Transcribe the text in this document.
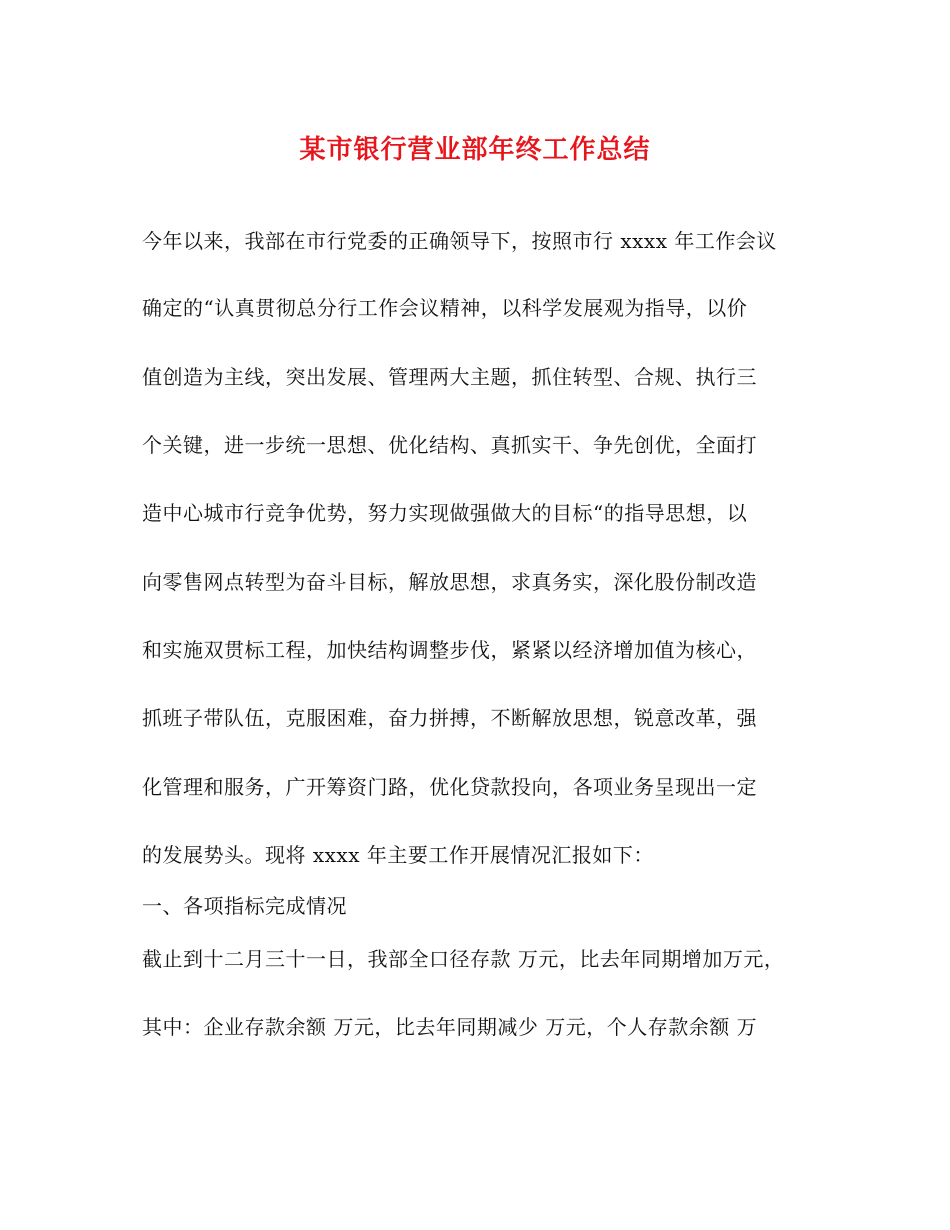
某市银行营业部年终工作总结
今年以来，我部在市行党委的正确领导下，按照市行 xxxx 年工作会议
确定的“认真贯彻总分行工作会议精神，以科学发展观为指导，以价
值创造为主线，突出发展、管理两大主题，抓住转型、合规、执行三
个关键，进一步统一思想、优化结构、真抓实干、争先创优，全面打
造中心城市行竞争优势，努力实现做强做大的目标“的指导思想，以
向零售网点转型为奋斗目标，解放思想，求真务实，深化股份制改造
和实施双贯标工程，加快结构调整步伐，紧紧以经济增加值为核心，
抓班子带队伍，克服困难，奋力拼搏，不断解放思想，锐意改革，强
化管理和服务，广开筹资门路，优化贷款投向，各项业务呈现出一定
的发展势头。现将 xxxx 年主要工作开展情况汇报如下：
一、各项指标完成情况
截止到十二月三十一日，我部全口径存款 万元，比去年同期增加万元，
其中：企业存款余额 万元，比去年同期减少 万元，个人存款余额 万
